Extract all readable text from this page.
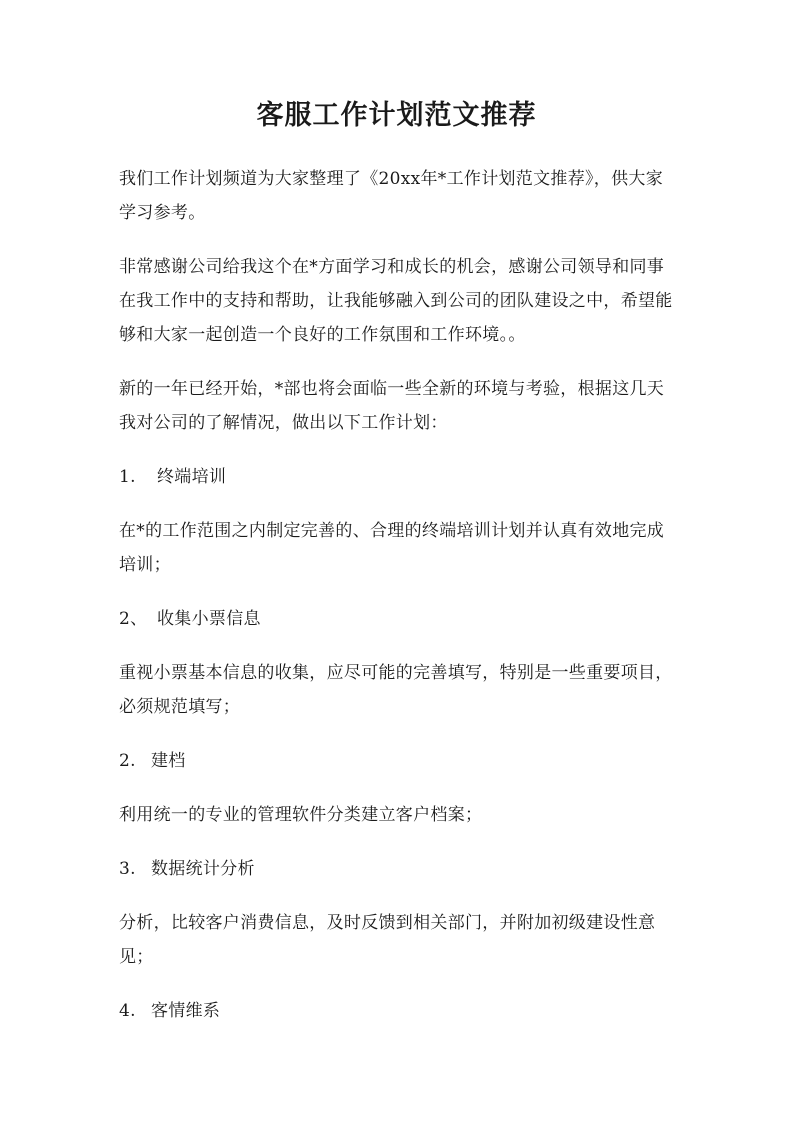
客服工作计划范文推荐

我们工作计划频道为大家整理了《20xx年*工作计划范文推荐》，供大家学习参考。

非常感谢公司给我这个在*方面学习和成长的机会，感谢公司领导和同事在我工作中的支持和帮助，让我能够融入到公司的团队建设之中，希望能够和大家一起创造一个良好的工作氛围和工作环境。。

新的一年已经开始，*部也将会面临一些全新的环境与考验，根据这几天我对公司的了解情况，做出以下工作计划：

1. 终端培训

在*的工作范围之内制定完善的、合理的终端培训计划并认真有效地完成培训；

2、 收集小票信息

重视小票基本信息的收集，应尽可能的完善填写，特别是一些重要项目，必须规范填写；

2. 建档

利用统一的专业的管理软件分类建立客户档案；

3. 数据统计分析

分析，比较客户消费信息，及时反馈到相关部门，并附加初级建设性意见；

4. 客情维系
